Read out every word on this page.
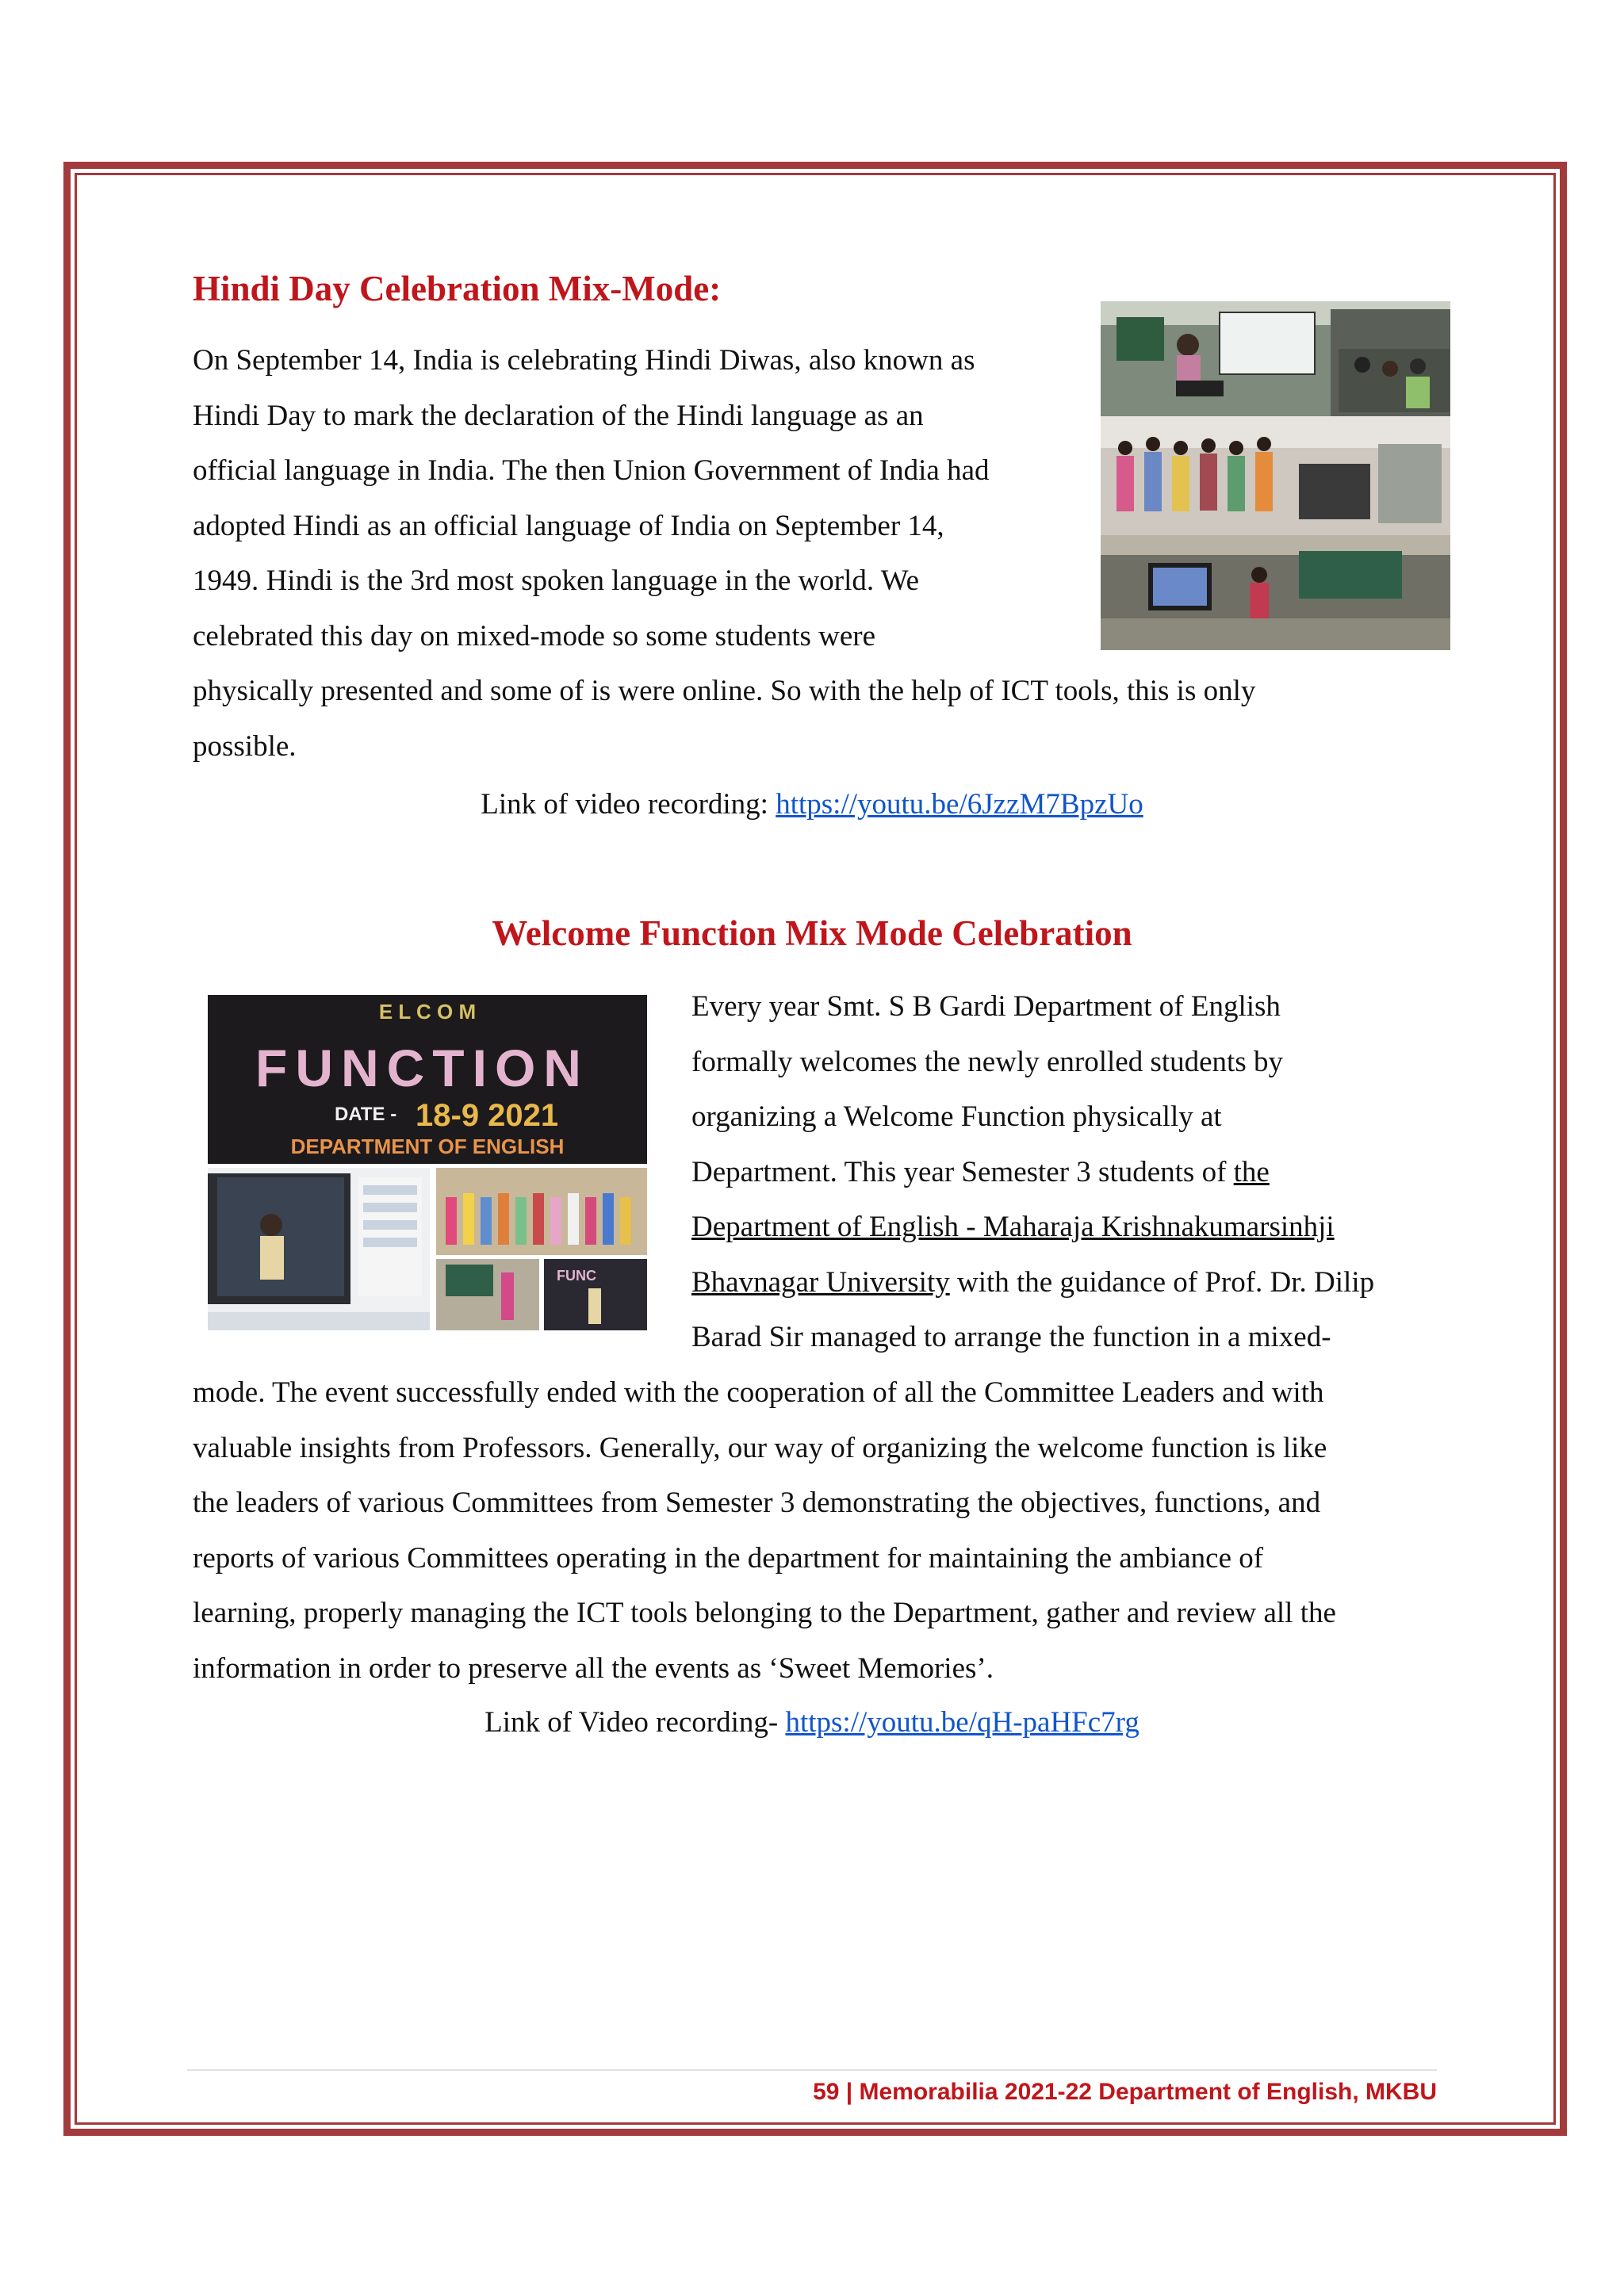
Hindi Day Celebration Mix-Mode:
On September 14, India is celebrating Hindi Diwas, also known as
Hindi Day to mark the declaration of the Hindi language as an
official language in India. The then Union Government of India had
adopted Hindi as an official language of India on September 14,
1949. Hindi is the 3rd most spoken language in the world. We
celebrated this day on mixed-mode so some students were
physically presented and some of is were online. So with the help of ICT tools, this is only
possible.
Link of video recording: https://youtu.be/6JzzM7BpzUo
Welcome Function Mix Mode Celebration
E L C O M
FUNCTION
DATE - 18-9 2021
DEPARTMENT OF ENGLISH
FUNC
Every year Smt. S B Gardi Department of English
formally welcomes the newly enrolled students by
organizing a Welcome Function physically at
Department. This year Semester 3 students of the
Department of English - Maharaja Krishnakumarsinhji
Bhavnagar University with the guidance of Prof. Dr. Dilip
Barad Sir managed to arrange the function in a mixed-
mode. The event successfully ended with the cooperation of all the Committee Leaders and with
valuable insights from Professors. Generally, our way of organizing the welcome function is like
the leaders of various Committees from Semester 3 demonstrating the objectives, functions, and
reports of various Committees operating in the department for maintaining the ambiance of
learning, properly managing the ICT tools belonging to the Department, gather and review all the
information in order to preserve all the events as ‘Sweet Memories’.
Link of Video recording- https://youtu.be/qH-paHFc7rg
59 | Memorabilia 2021-22 Department of English, MKBU
